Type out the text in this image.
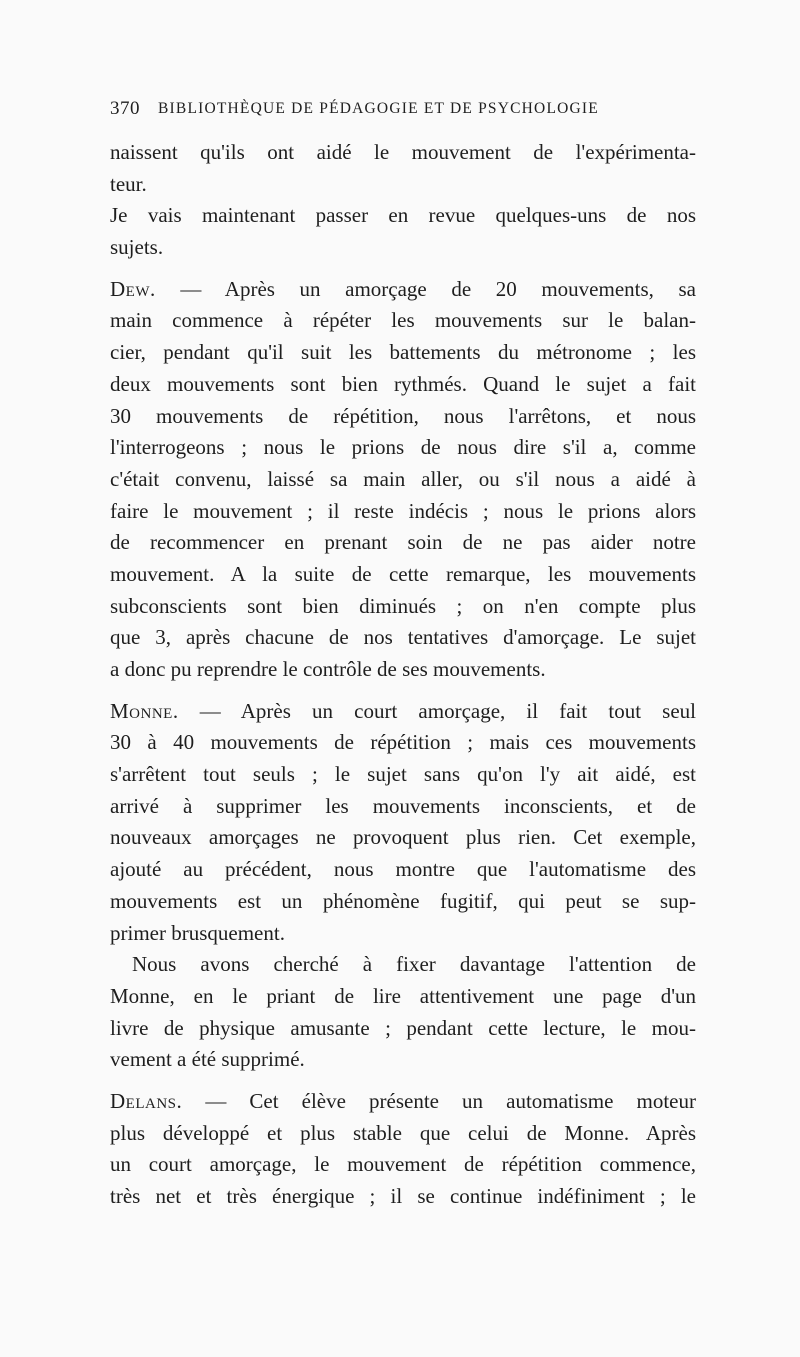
370 BIBLIOTHÈQUE DE PÉDAGOGIE ET DE PSYCHOLOGIE
naissent qu'ils ont aidé le mouvement de l'expérimenta-
teur.
Je vais maintenant passer en revue quelques-uns de nos
sujets.
Dew. — Après un amorçage de 20 mouvements, sa
main commence à répéter les mouvements sur le balan-
cier, pendant qu'il suit les battements du métronome ; les
deux mouvements sont bien rythmés. Quand le sujet a fait
30 mouvements de répétition, nous l'arrêtons, et nous
l'interrogeons ; nous le prions de nous dire s'il a, comme
c'était convenu, laissé sa main aller, ou s'il nous a aidé à
faire le mouvement ; il reste indécis ; nous le prions alors
de recommencer en prenant soin de ne pas aider notre
mouvement. A la suite de cette remarque, les mouvements
subconscients sont bien diminués ; on n'en compte plus
que 3, après chacune de nos tentatives d'amorçage. Le sujet
a donc pu reprendre le contrôle de ses mouvements.
Monne. — Après un court amorçage, il fait tout seul
30 à 40 mouvements de répétition ; mais ces mouvements
s'arrêtent tout seuls ; le sujet sans qu'on l'y ait aidé, est
arrivé à supprimer les mouvements inconscients, et de
nouveaux amorçages ne provoquent plus rien. Cet exemple,
ajouté au précédent, nous montre que l'automatisme des
mouvements est un phénomène fugitif, qui peut se sup-
primer brusquement.
Nous avons cherché à fixer davantage l'attention de
Monne, en le priant de lire attentivement une page d'un
livre de physique amusante ; pendant cette lecture, le mou-
vement a été supprimé.
Delans. — Cet élève présente un automatisme moteur
plus développé et plus stable que celui de Monne. Après
un court amorçage, le mouvement de répétition commence,
très net et très énergique ; il se continue indéfiniment ; le
